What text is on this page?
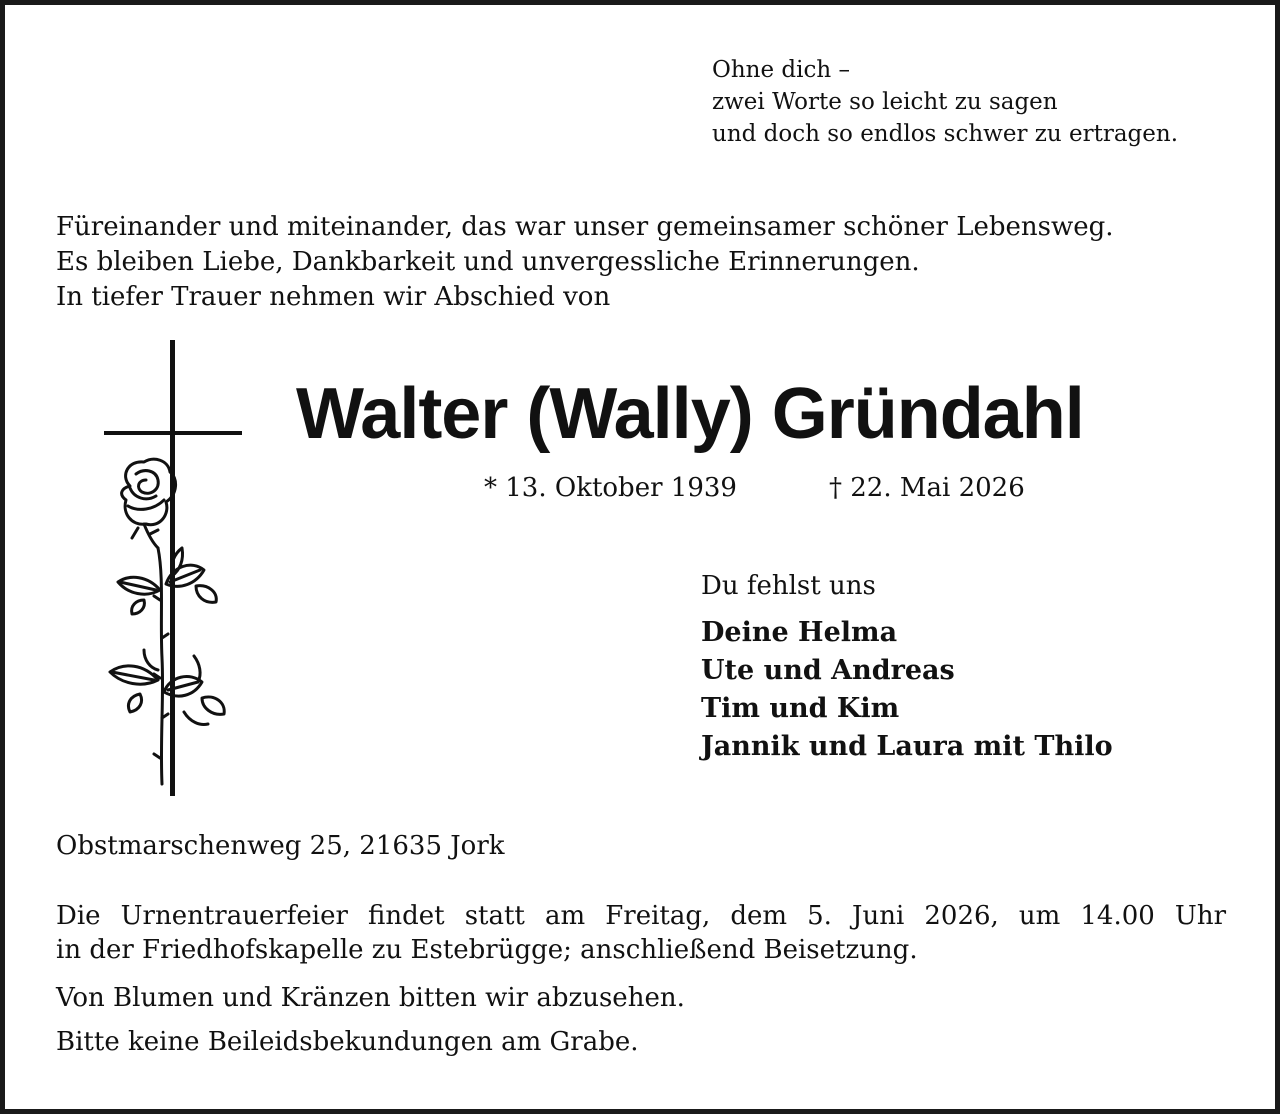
Ohne dich –
zwei Worte so leicht zu sagen
und doch so endlos schwer zu ertragen.
Füreinander und miteinander, das war unser gemeinsamer schöner Lebensweg.
Es bleiben Liebe, Dankbarkeit und unvergessliche Erinnerungen.
In tiefer Trauer nehmen wir Abschied von
Walter (Wally) Gründahl
* 13. Oktober 1939	† 22. Mai 2026
Du fehlst uns
Deine Helma
Ute und Andreas
Tim und Kim
Jannik und Laura mit Thilo
Obstmarschenweg 25, 21635 Jork
Die Urnentrauerfeier findet statt am Freitag, dem 5. Juni 2026, um 14.00 Uhr
in der Friedhofskapelle zu Estebrügge; anschließend Beisetzung.
Von Blumen und Kränzen bitten wir abzusehen.
Bitte keine Beileidsbekundungen am Grabe.
